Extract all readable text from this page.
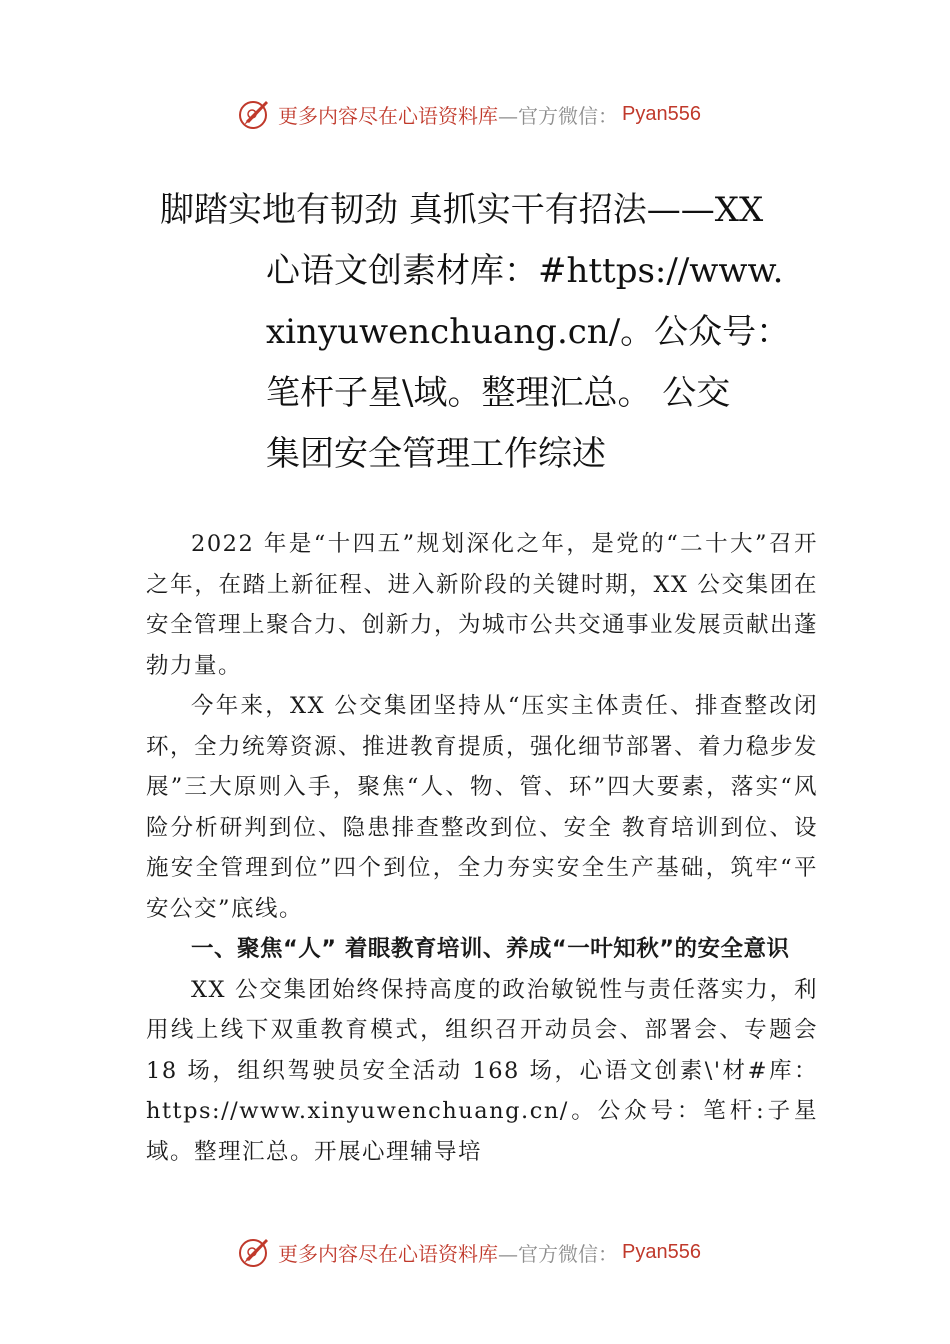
更多内容尽在心语资料库 —官方微信： Pyan556
脚踏实地有韧劲 真抓实干有招法——XX
心语文创素材库：#https://www.
xinyuwenchuang.cn/。公众号：
笔杆子星\域。整理汇总。 公交
集团安全管理工作综述

2022 年是“十四五”规划深化之年，是党的“二十大”召开之年，在踏上新征程、进入新阶段的关键时期，XX 公交集团在安全管理上聚合力、创新力，为城市公共交通事业发展贡献出蓬勃力量。

今年来，XX 公交集团坚持从“压实主体责任、排查整改闭环，全力统筹资源、推进教育提质，强化细节部署、着力稳步发展”三大原则入手，聚焦“人、物、管、环”四大要素，落实“风险分析研判到位、隐患排查整改到位、安全 教育培训到位、设施安全管理到位”四个到位，全力夯实安全生产基础，筑牢“平安公交”底线。

一、聚焦“人” 着眼教育培训、养成“一叶知秋”的安全意识

XX 公交集团始终保持高度的政治敏锐性与责任落实力，利用线上线下双重教育模式，组织召开动员会、部署会、专题会 18 场，组织驾驶员安全活动 168 场，心语文创素\'材#库：https://www.xinyuwenchuang.cn/。公众号：笔杆:子星域。整理汇总。开展心理辅导培

更多内容尽在心语资料库 —官方微信： Pyan556
